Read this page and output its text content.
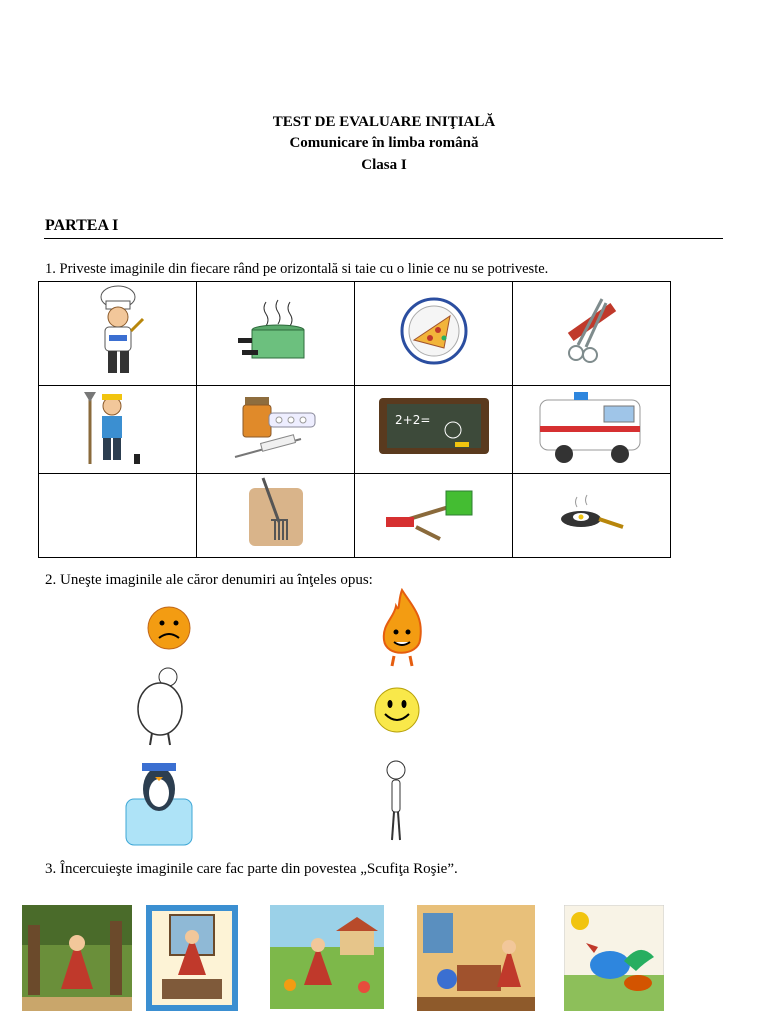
TEST DE EVALUARE INIŢIALĂ
Comunicare în limba română
Clasa I
PARTEA I
1. Priveste imaginile din fiecare rând pe orizontală si taie cu o linie ce nu se potriveste.

2+2=

2. Uneşte imaginile ale căror denumiri au înţeles opus:
3. Încercuieşte imaginile care fac parte din povestea „Scufiţa Roşie”.
